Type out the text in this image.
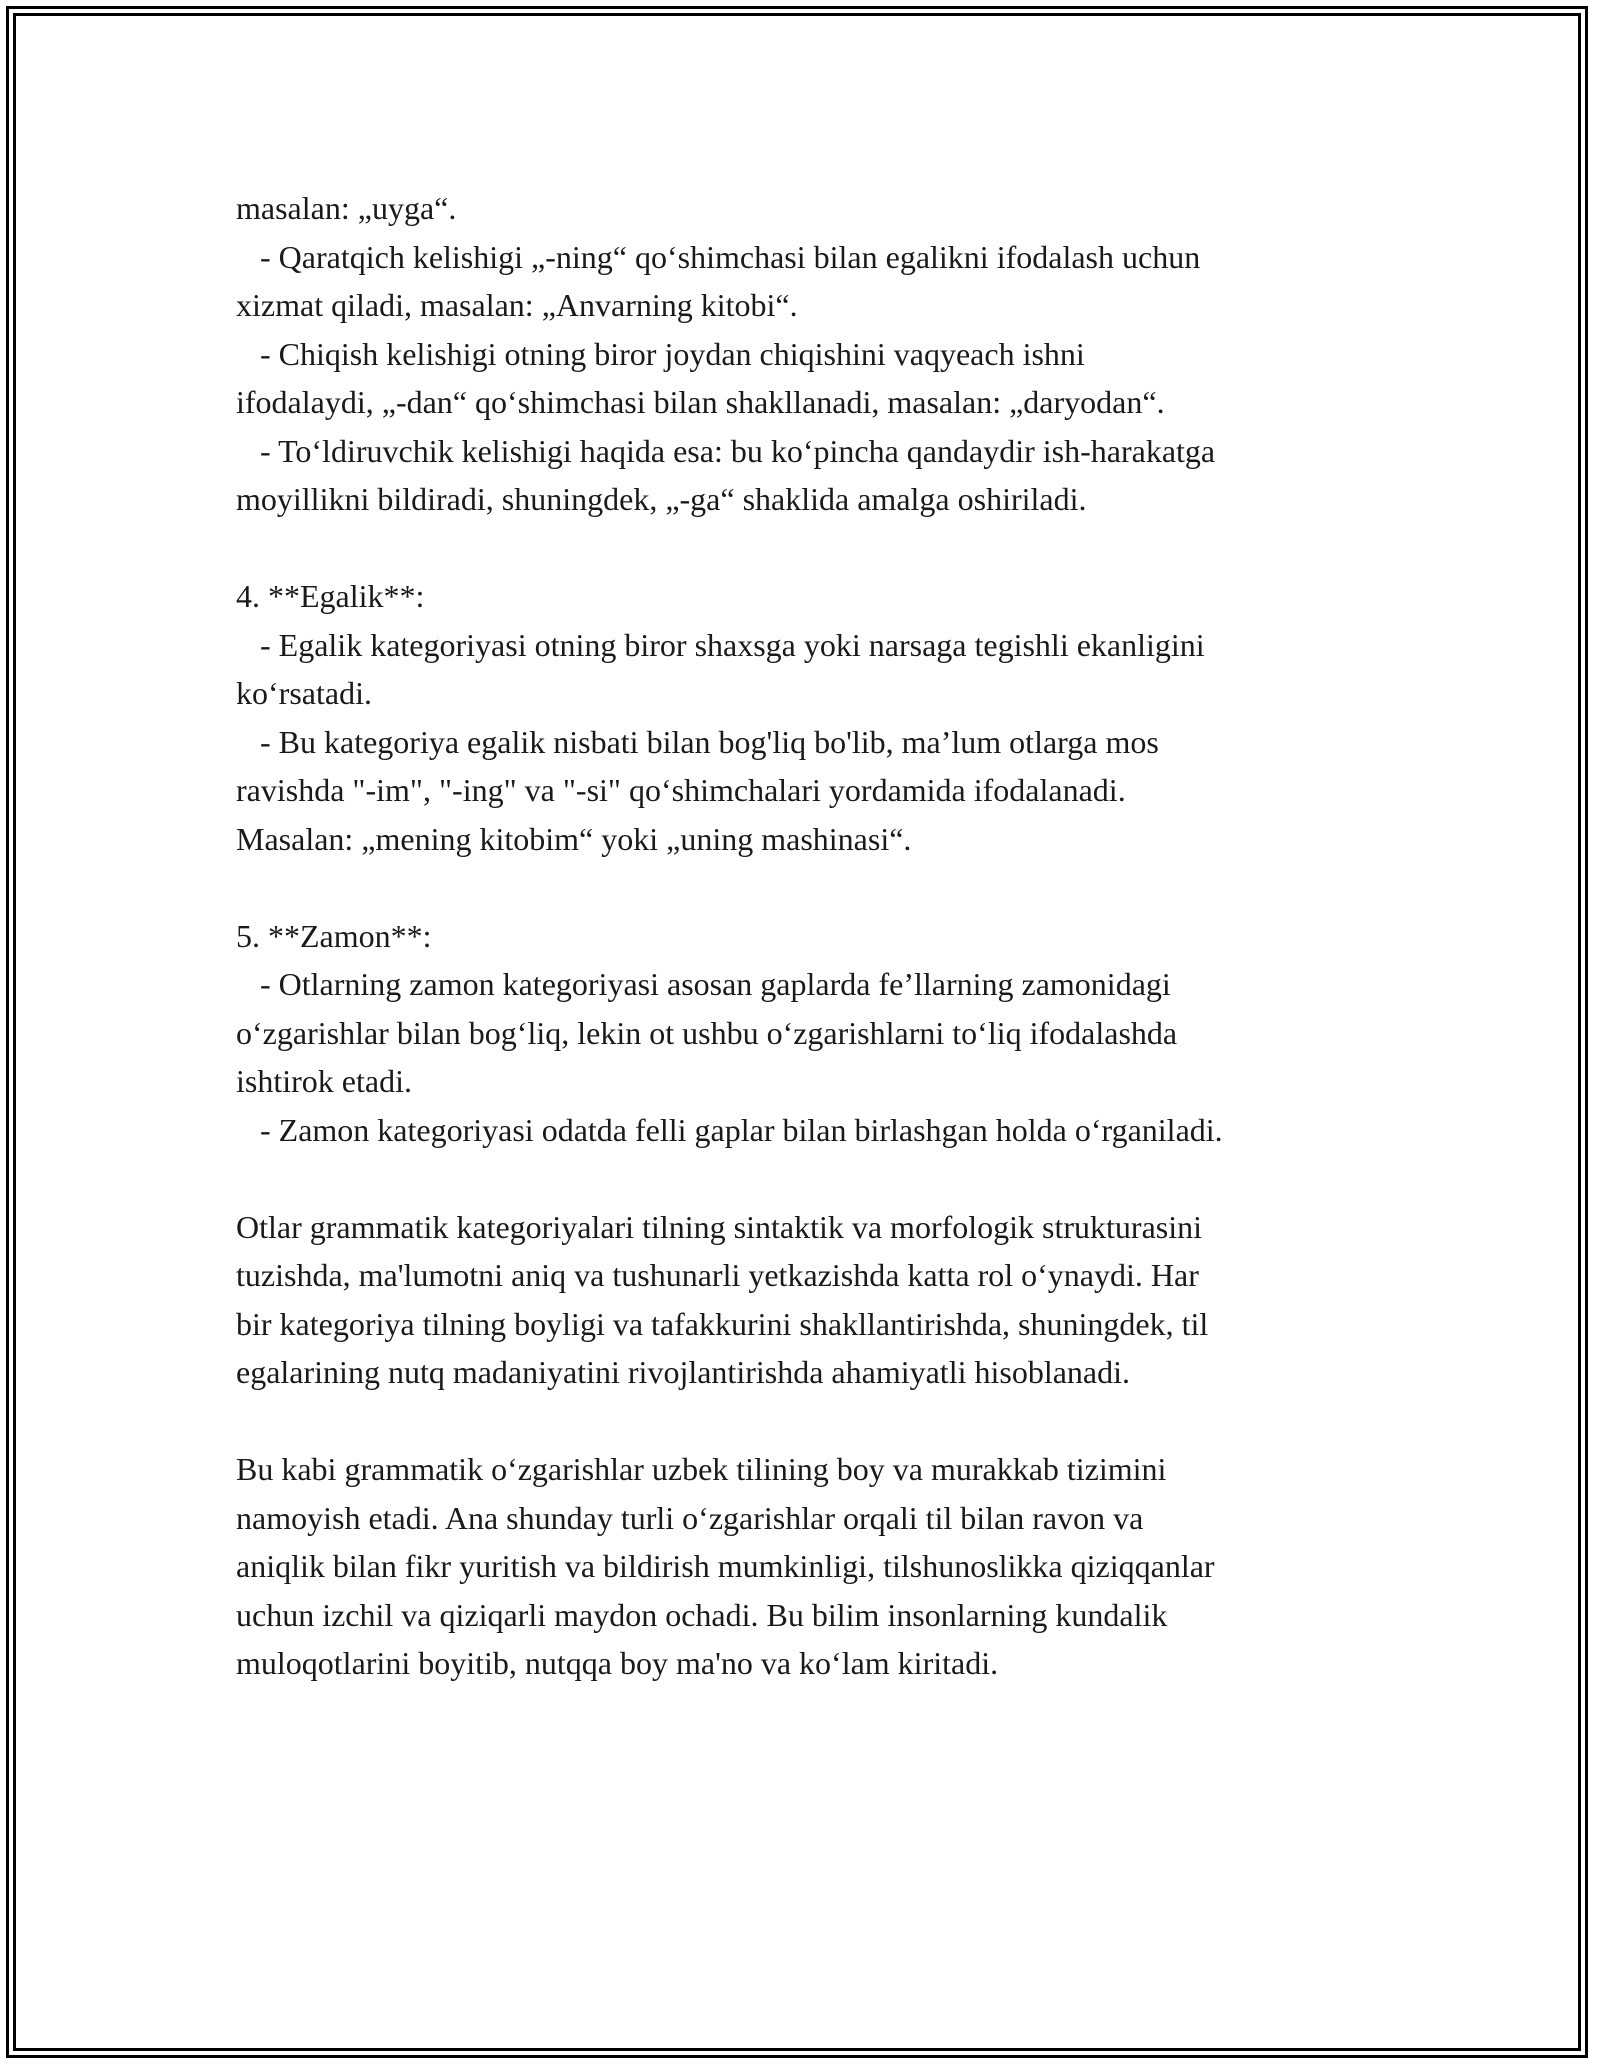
masalan: „uyga“.

- Qaratqich kelishigi „-ning“ qo‘shimchasi bilan egalikni ifodalash uchun

xizmat qiladi, masalan: „Anvarning kitobi“.

- Chiqish kelishigi otning biror joydan chiqishini vaqyeach ishni

ifodalaydi, „-dan“ qo‘shimchasi bilan shakllanadi, masalan: „daryodan“.

- To‘ldiruvchik kelishigi haqida esa: bu ko‘pincha qandaydir ish-harakatga

moyillikni bildiradi, shuningdek, „-ga“ shaklida amalga oshiriladi.

4. **Egalik**:

- Egalik kategoriyasi otning biror shaxsga yoki narsaga tegishli ekanligini

ko‘rsatadi.

- Bu kategoriya egalik nisbati bilan bog'liq bo'lib, ma’lum otlarga mos

ravishda "-im", "-ing" va "-si" qo‘shimchalari yordamida ifodalanadi.

Masalan: „mening kitobim“ yoki „uning mashinasi“.

5. **Zamon**:

- Otlarning zamon kategoriyasi asosan gaplarda fe’llarning zamonidagi

o‘zgarishlar bilan bog‘liq, lekin ot ushbu o‘zgarishlarni to‘liq ifodalashda

ishtirok etadi.

- Zamon kategoriyasi odatda felli gaplar bilan birlashgan holda o‘rganiladi.

Otlar grammatik kategoriyalari tilning sintaktik va morfologik strukturasini

tuzishda, ma'lumotni aniq va tushunarli yetkazishda katta rol o‘ynaydi. Har

bir kategoriya tilning boyligi va tafakkurini shakllantirishda, shuningdek, til

egalarining nutq madaniyatini rivojlantirishda ahamiyatli hisoblanadi.

Bu kabi grammatik o‘zgarishlar uzbek tilining boy va murakkab tizimini

namoyish etadi. Ana shunday turli o‘zgarishlar orqali til bilan ravon va

aniqlik bilan fikr yuritish va bildirish mumkinligi, tilshunoslikka qiziqqanlar

uchun izchil va qiziqarli maydon ochadi. Bu bilim insonlarning kundalik

muloqotlarini boyitib, nutqqa boy ma'no va ko‘lam kiritadi.
